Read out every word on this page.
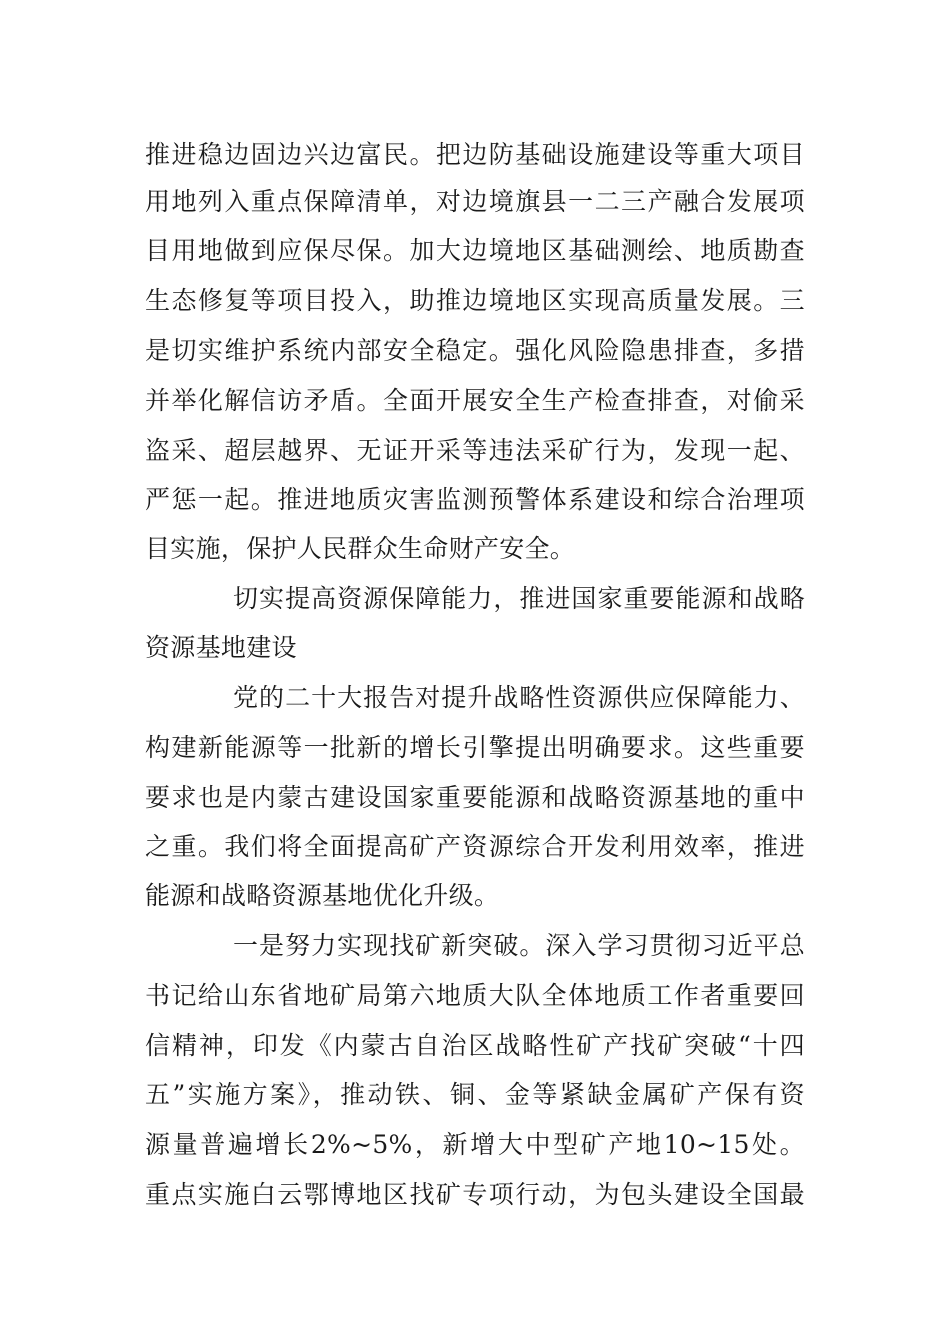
推进稳边固边兴边富民。把边防基础设施建设等重大项目
用地列入重点保障清单，对边境旗县一二三产融合发展项
目用地做到应保尽保。加大边境地区基础测绘、地质勘查
生态修复等项目投入，助推边境地区实现高质量发展。三
是切实维护系统内部安全稳定。强化风险隐患排查，多措
并举化解信访矛盾。全面开展安全生产检查排查，对偷采
盗采、超层越界、无证开采等违法采矿行为，发现一起、
严惩一起。推进地质灾害监测预警体系建设和综合治理项
目实施，保护人民群众生命财产安全。
切实提高资源保障能力，推进国家重要能源和战略
资源基地建设
党的二十大报告对提升战略性资源供应保障能力、
构建新能源等一批新的增长引擎提出明确要求。这些重要
要求也是内蒙古建设国家重要能源和战略资源基地的重中
之重。我们将全面提高矿产资源综合开发利用效率，推进
能源和战略资源基地优化升级。
一是努力实现找矿新突破。深入学习贯彻习近平总
书记给山东省地矿局第六地质大队全体地质工作者重要回
信精神，印发《内蒙古自治区战略性矿产找矿突破“十四
五”实施方案》，推动铁、铜、金等紧缺金属矿产保有资
源量普遍增长2%~5%，新增大中型矿产地10~15处。
重点实施白云鄂博地区找矿专项行动，为包头建设全国最
